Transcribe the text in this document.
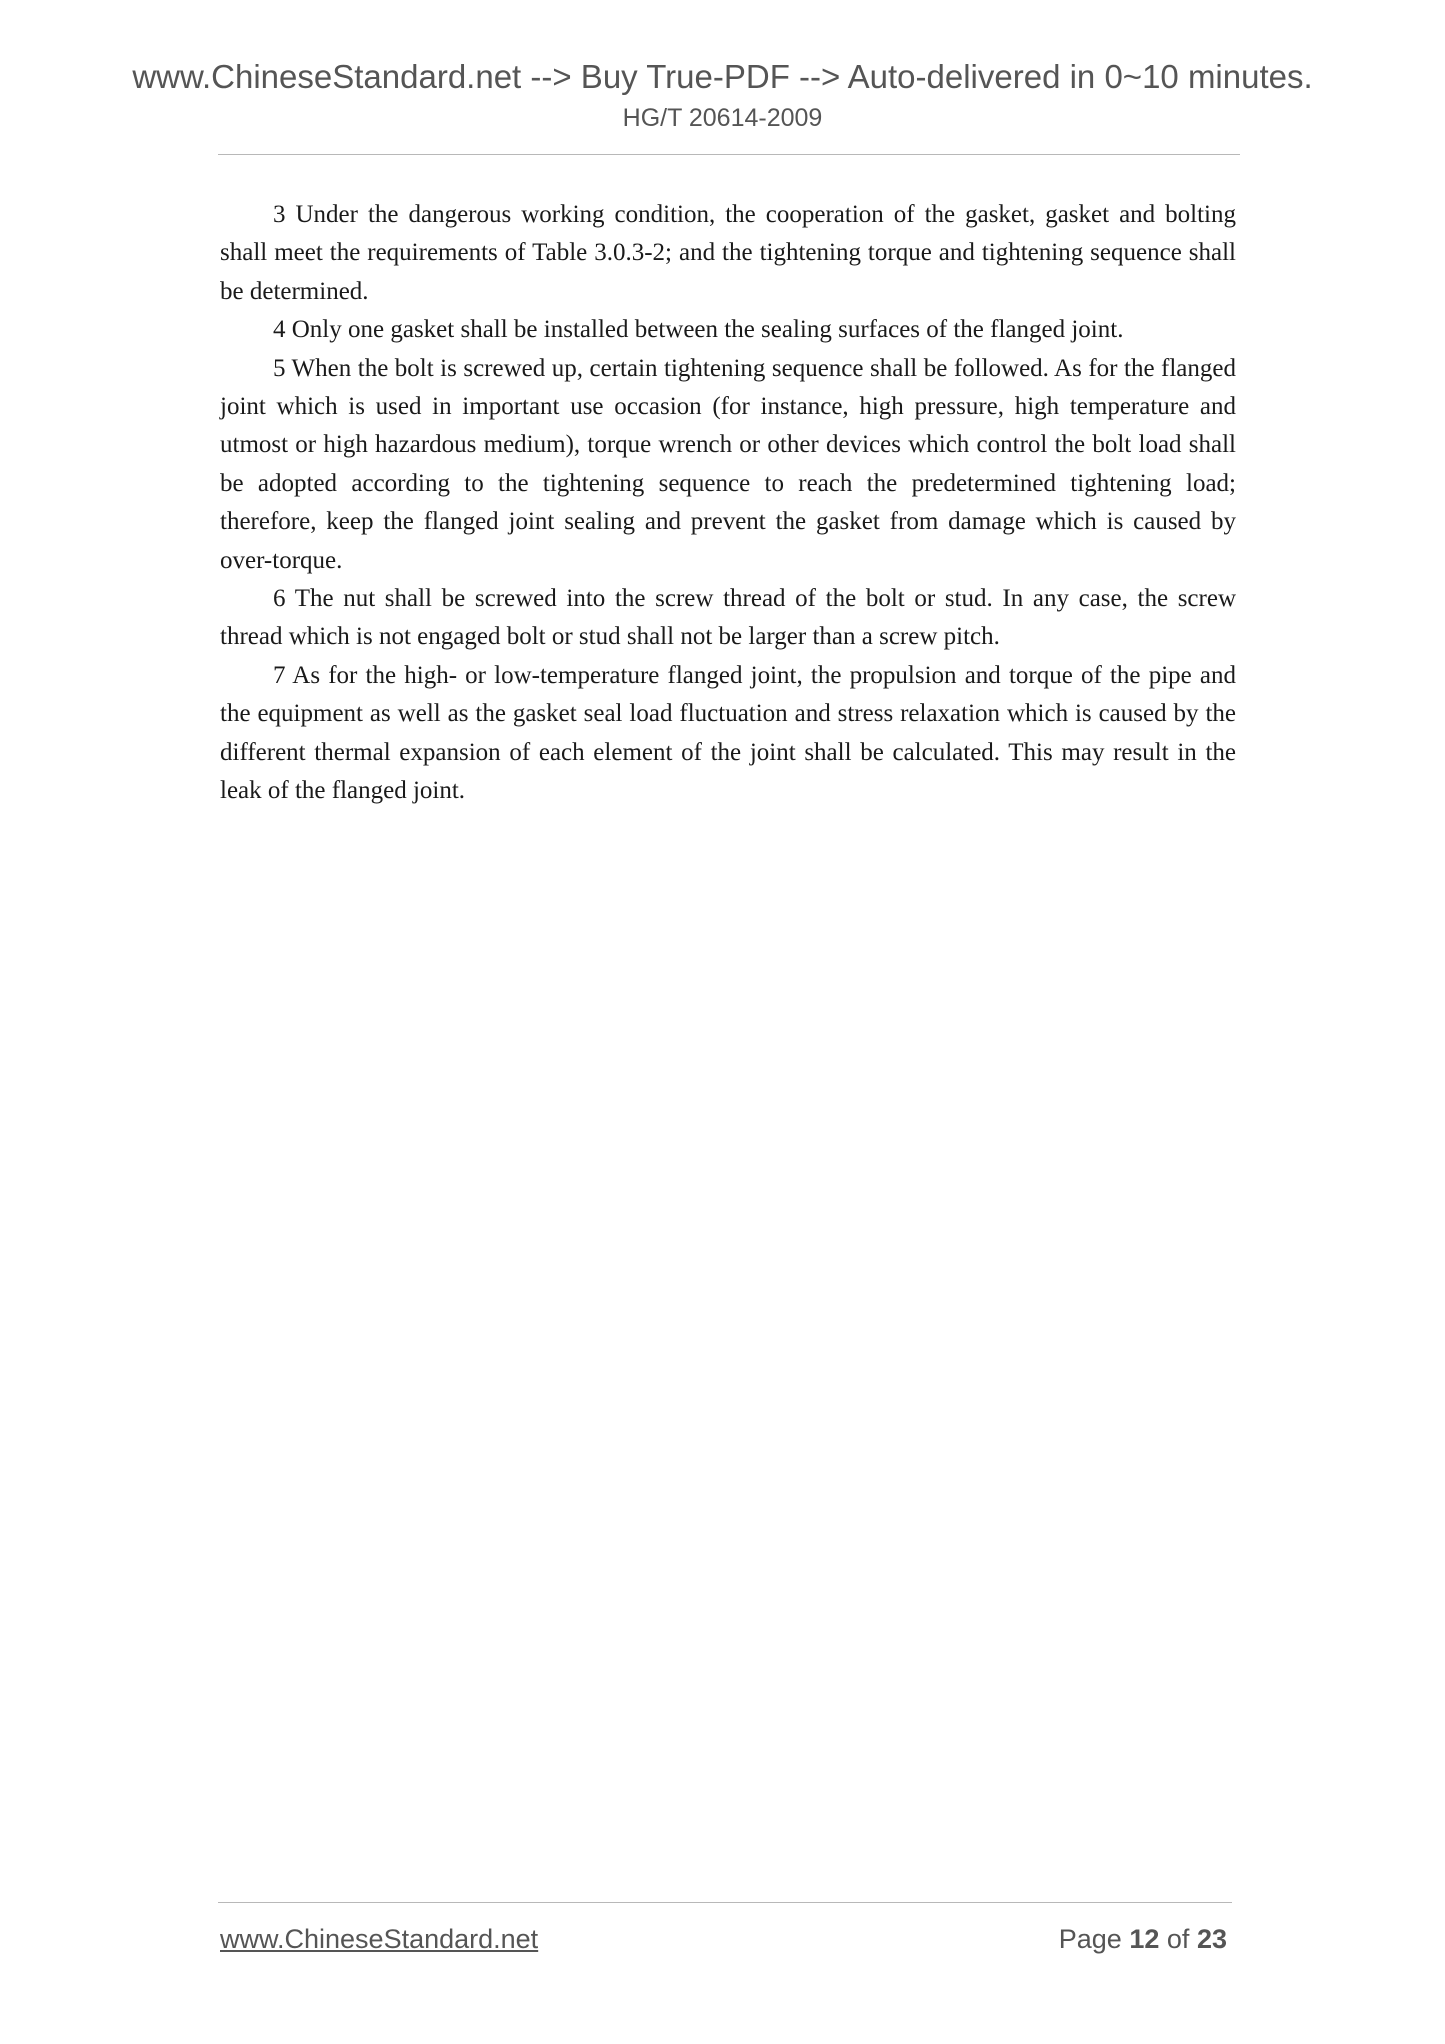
www.ChineseStandard.net --> Buy True-PDF --> Auto-delivered in 0~10 minutes.
HG/T 20614-2009

3 Under the dangerous working condition, the cooperation of the gasket, gasket and bolting shall meet the requirements of Table 3.0.3-2; and the tightening torque and tightening sequence shall be determined.

4 Only one gasket shall be installed between the sealing surfaces of the flanged joint.

5 When the bolt is screwed up, certain tightening sequence shall be followed. As for the flanged joint which is used in important use occasion (for instance, high pressure, high temperature and utmost or high hazardous medium), torque wrench or other devices which control the bolt load shall be adopted according to the tightening sequence to reach the predetermined tightening load; therefore, keep the flanged joint sealing and prevent the gasket from damage which is caused by over-torque.

6 The nut shall be screwed into the screw thread of the bolt or stud. In any case, the screw thread which is not engaged bolt or stud shall not be larger than a screw pitch.

7 As for the high- or low-temperature flanged joint, the propulsion and torque of the pipe and the equipment as well as the gasket seal load fluctuation and stress relaxation which is caused by the different thermal expansion of each element of the joint shall be calculated. This may result in the leak of the flanged joint.

www.ChineseStandard.net	Page 12 of 23
